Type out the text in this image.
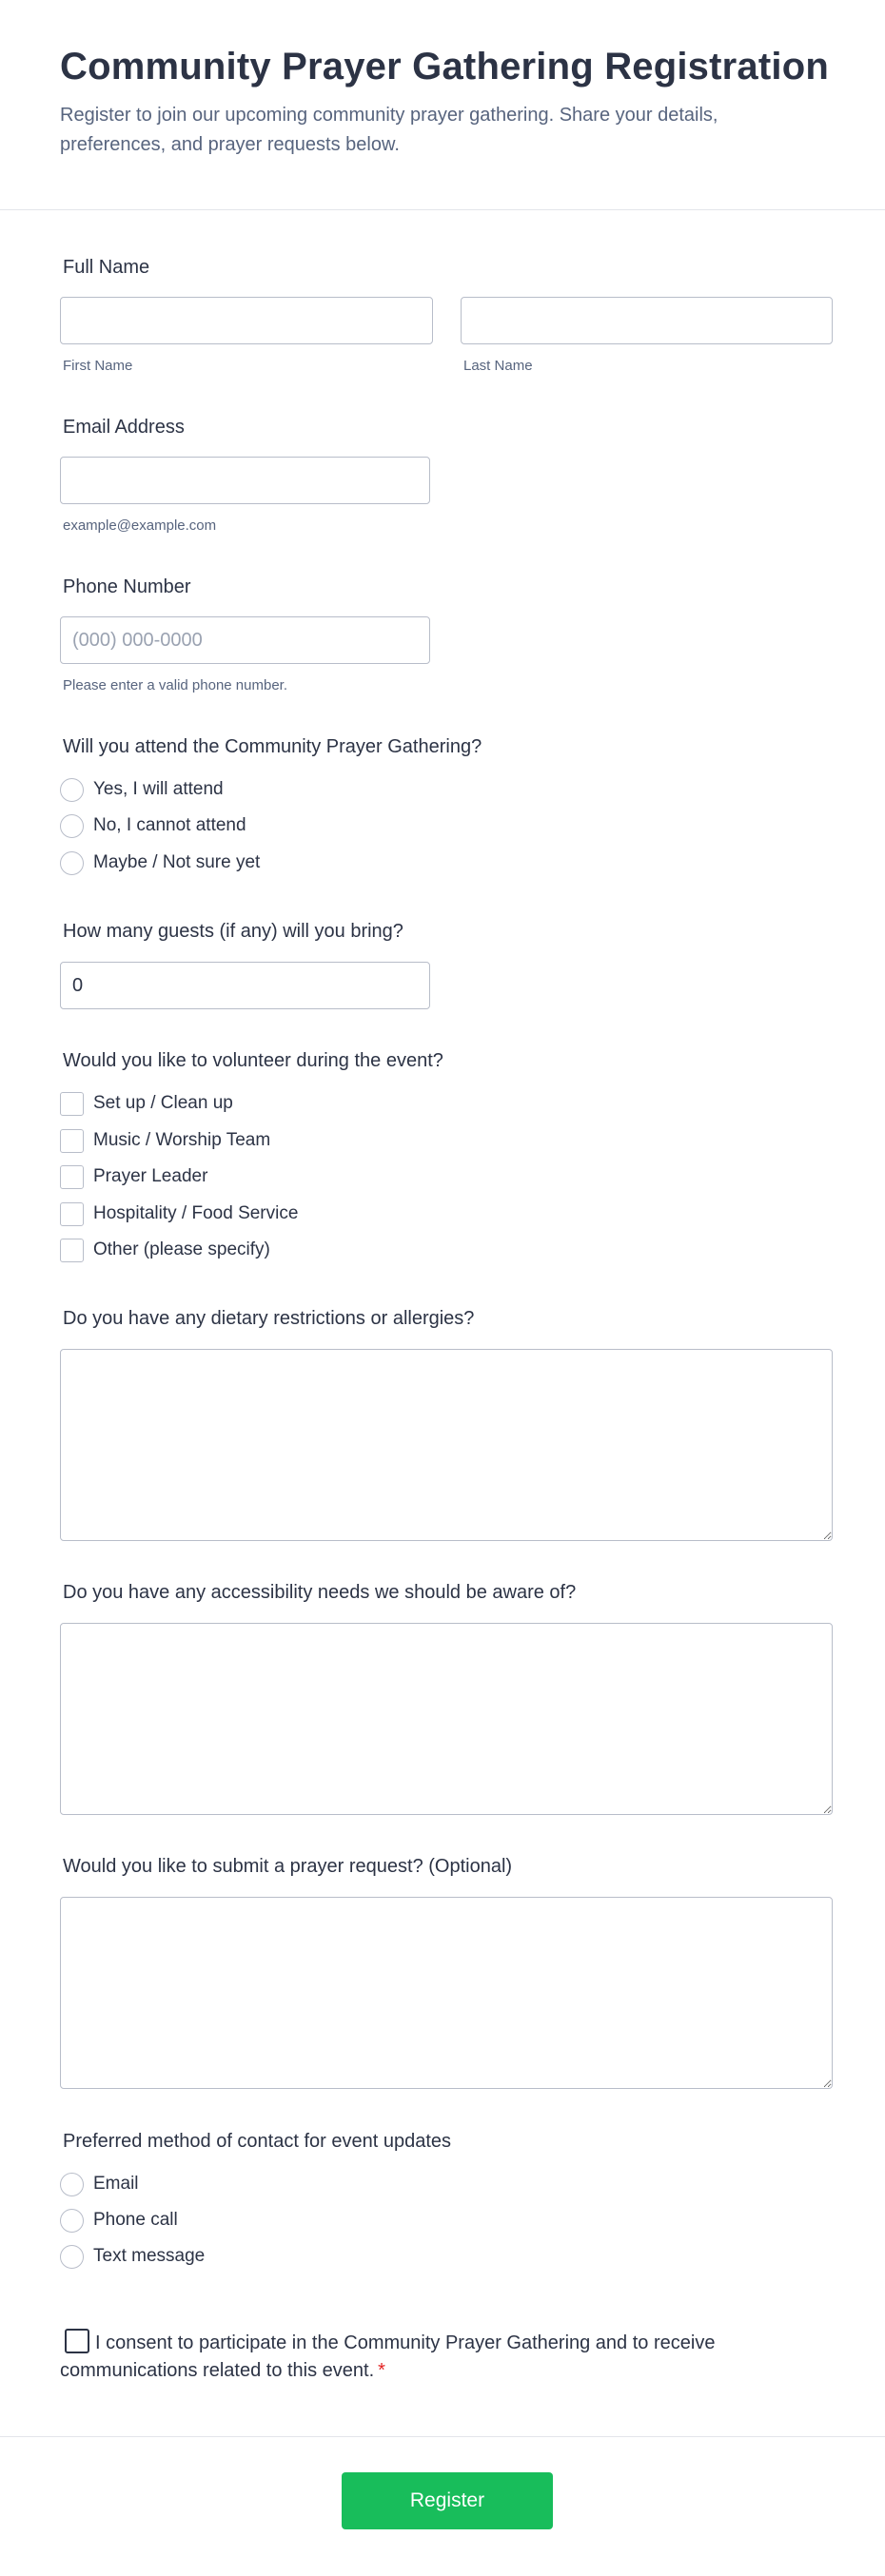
Community Prayer Gathering Registration
Register to join our upcoming community prayer gathering. Share your details, preferences, and prayer requests below.
Full Name
First Name	Last Name
Email Address
example@example.com
Phone Number
(000) 000-0000
Please enter a valid phone number.
Will you attend the Community Prayer Gathering?
Yes, I will attend
No, I cannot attend
Maybe / Not sure yet
How many guests (if any) will you bring?
0
Would you like to volunteer during the event?
Set up / Clean up
Music / Worship Team
Prayer Leader
Hospitality / Food Service
Other (please specify)
Do you have any dietary restrictions or allergies?
Do you have any accessibility needs we should be aware of?
Would you like to submit a prayer request? (Optional)
Preferred method of contact for event updates
Email
Phone call
Text message
I consent to participate in the Community Prayer Gathering and to receive communications related to this event. *
Register
